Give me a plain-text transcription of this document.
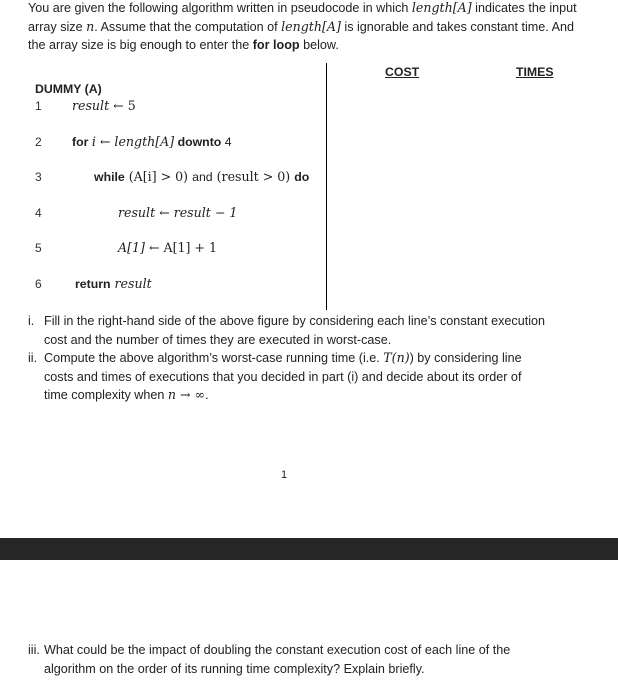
You are given the following algorithm written in pseudocode in which length[A] indicates the input array size n. Assume that the computation of length[A] is ignorable and takes constant time. And the array size is big enough to enter the for loop below.
COST	TIMES
DUMMY (A)
1 result ← 5
2 for i ← length[A] downto 4
3	while (A[i] > 0) and (result > 0) do
4	result ← result − 1
5	A[1] ← A[1] + 1
6	return result
i. Fill in the right-hand side of the above figure by considering each line’s constant execution cost and the number of times they are executed in worst-case.
ii. Compute the above algorithm’s worst-case running time (i.e. T(n)) by considering line costs and times of executions that you decided in part (i) and decide about its order of time complexity when n → ∞.
1
iii. What could be the impact of doubling the constant execution cost of each line of the algorithm on the order of its running time complexity? Explain briefly.
